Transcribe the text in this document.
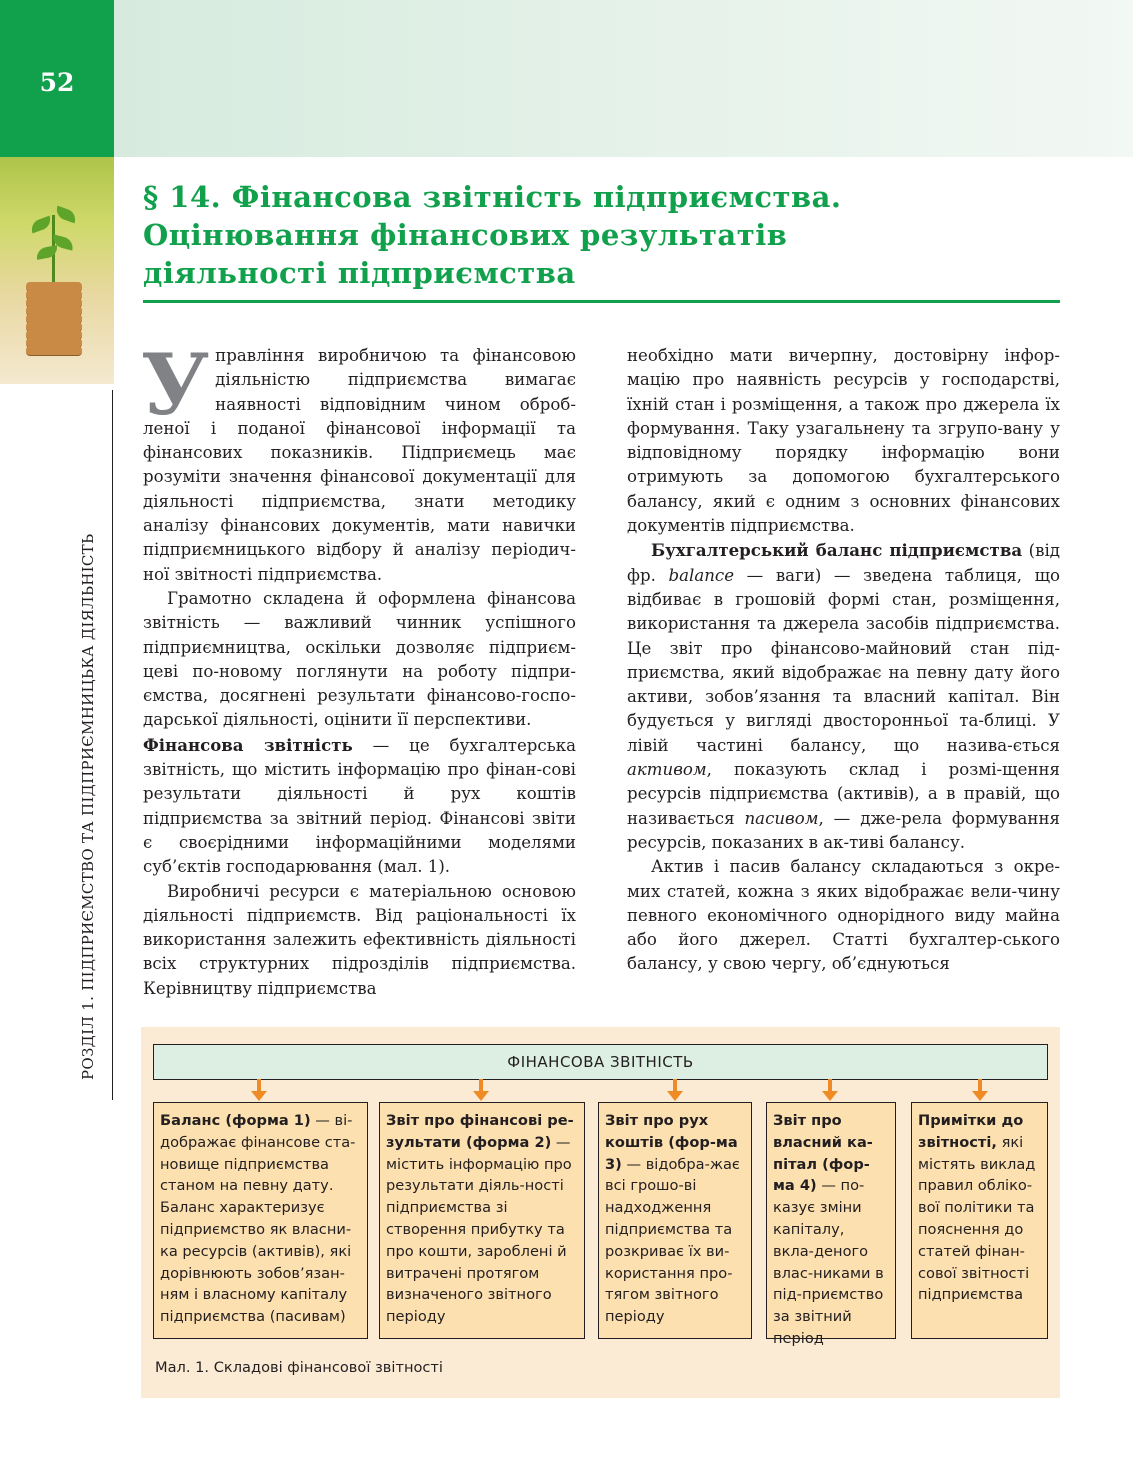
52
РОЗДІЛ 1. ПІДПРИЄМСТВО ТА ПІДПРИЄМНИЦЬКА ДІЯЛЬНІСТЬ
§ 14. Фінансова звітність підприємства.
Оцінювання фінансових результатів
діяльності підприємства

Управління виробничою та фінансовою діяльністю підприємства вимагає наявності відповідним чином оброб-леної і поданої фінансової інформації та фінансових показників. Підприємець має розуміти значення фінансової документації для діяльності підприємства, знати методику аналізу фінансових документів, мати навички підприємницького відбору й аналізу періодич-ної звітності підприємства.

Грамотно складена й оформлена фінансова звітність — важливий чинник успішного підприємництва, оскільки дозволяє підприєм-цеві по-новому поглянути на роботу підпри-ємства, досягнені результати фінансово-госпо-дарської діяльності, оцінити її перспективи.

Фінансова звітність — це бухгалтерська звітність, що містить інформацію про фінан-сові результати діяльності й рух коштів підприємства за звітний період. Фінансові звіти є своєрідними інформаційними моделями суб’єктів господарювання (мал. 1).

Виробничі ресурси є матеріальною основою діяльності підприємств. Від раціональності їх використання залежить ефективність діяльності всіх структурних підрозділів підприємства. Керівництву підприємства

необхідно мати вичерпну, достовірну інфор-мацію про наявність ресурсів у господарстві, їхній стан і розміщення, а також про джерела їх формування. Таку узагальнену та згрупо-вану у відповідному порядку інформацію вони отримують за допомогою бухгалтерського балансу, який є одним з основних фінансових документів підприємства.

Бухгалтерський баланс підприємства (від фр. balance — ваги) — зведена таблиця, що відбиває в грошовій формі стан, розміщення, використання та джерела засобів підприємства. Це звіт про фінансово-майновий стан під-приємства, який відображає на певну дату його активи, зобов’язання та власний капітал. Він будується у вигляді двосторонньої та-блиці. У лівій частині балансу, що назива-ється активом, показують склад і розмі-щення ресурсів підприємства (активів), а в правій, що називається пасивом, — дже-рела формування ресурсів, показаних в ак-тиві балансу.

Актив і пасив балансу складаються з окре-мих статей, кожна з яких відображає вели-чину певного економічного однорідного виду майна або його джерел. Статті бухгалтер-ського балансу, у свою чергу, об’єднуються

ФІНАНСОВА ЗВІТНІСТЬ
Баланс (форма 1) — ві-дображає фінансове ста-новище підприємства станом на певну дату. Баланс характеризує підприємство як власни-ка ресурсів (активів), які дорівнюють зобов’язан-ням і власному капіталу підприємства (пасивам)
Звіт про фінансові ре-зультати (форма 2) — містить інформацію про результати діяль-ності підприємства зі створення прибутку та про кошти, зароблені й витрачені протягом визначеного звітного періоду
Звіт про рух коштів (фор-ма 3) — відобра-жає всі грошо-ві надходження підприємства та розкриває їх ви-користання про-тягом звітного періоду
Звіт про власний ка-пітал (фор-ма 4) — по-казує зміни капіталу, вкла-деного влас-никами в під-приємство за звітний період
Примітки до звітності, які містять виклад правил обліко-вої політики та пояснення до статей фінан-сової звітності підприємства
Мал. 1. Складові фінансової звітності
